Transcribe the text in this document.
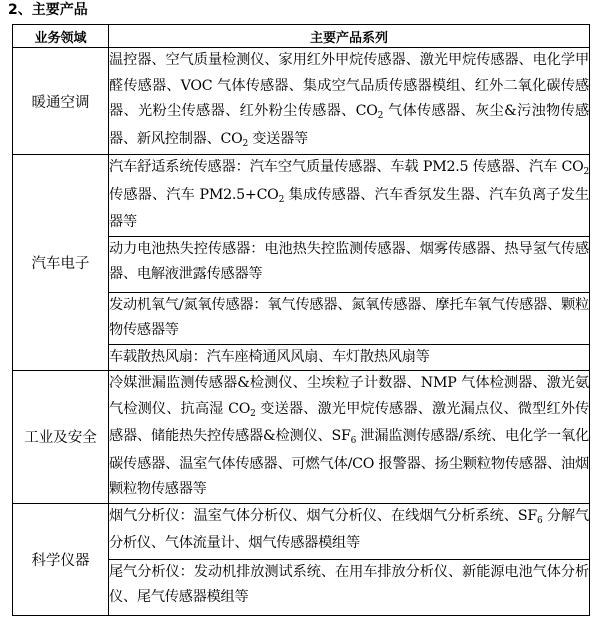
2、主要产品
业务领域	主要产品系列
暖通空调	温控器、空气质量检测仪、家用红外甲烷传感器、激光甲烷传感器、电化学甲醛传感器、VOC 气体传感器、集成空气品质传感器模组、红外二氧化碳传感器、光粉尘传感器、红外粉尘传感器、$CO_2$ 气体传感器、灰尘&污浊物传感器、新风控制器、$CO_2$ 变送器等
汽车电子	汽车舒适系统传感器：汽车空气质量传感器、车载 PM2.5 传感器、汽车 $CO_2$ 传感器、汽车 $PM2.5+CO_2$ 集成传感器、汽车香氛发生器、汽车负离子发生器等
	动力电池热失控传感器：电池热失控监测传感器、烟雾传感器、热导氢气传感器、电解液泄露传感器等
	发动机氧气/氮氧传感器：氧气传感器、氮氧传感器、摩托车氧气传感器、颗粒物传感器等
	车载散热风扇：汽车座椅通风风扇、车灯散热风扇等
工业及安全	冷媒泄漏监测传感器&检测仪、尘埃粒子计数器、NMP 气体检测器、激光氨气检测仪、抗高湿 $CO_2$ 变送器、激光甲烷传感器、激光漏点仪、微型红外传感器、储能热失控传感器&检测仪、$SF_6$ 泄漏监测传感器/系统、电化学一氧化碳传感器、温室气体传感器、可燃气体/CO 报警器、扬尘颗粒物传感器、油烟颗粒物传感器等
科学仪器	烟气分析仪：温室气体分析仪、烟气分析仪、在线烟气分析系统、$SF_6$ 分解气分析仪、气体流量计、烟气传感器模组等
	尾气分析仪：发动机排放测试系统、在用车排放分析仪、新能源电池气体分析仪、尾气传感器模组等
